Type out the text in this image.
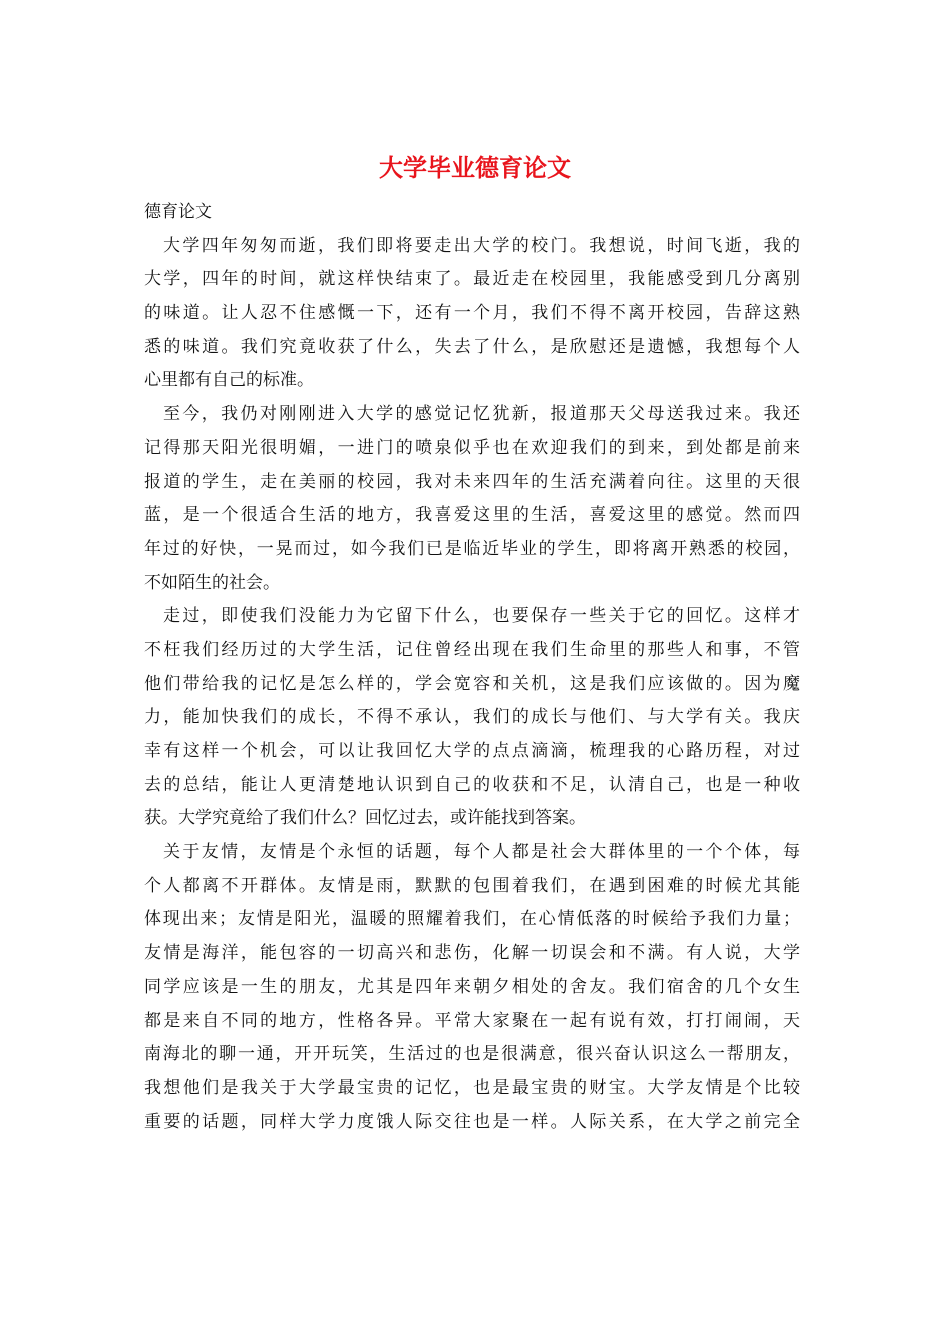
大学毕业德育论文
德育论文
大学四年匆匆而逝，我们即将要走出大学的校门。我想说，时间飞逝，我的
大学，四年的时间，就这样快结束了。最近走在校园里，我能感受到几分离别
的味道。让人忍不住感慨一下，还有一个月，我们不得不离开校园，告辞这熟
悉的味道。我们究竟收获了什么，失去了什么，是欣慰还是遗憾，我想每个人
心里都有自己的标准。
至今，我仍对刚刚进入大学的感觉记忆犹新，报道那天父母送我过来。我还
记得那天阳光很明媚，一进门的喷泉似乎也在欢迎我们的到来，到处都是前来
报道的学生，走在美丽的校园，我对未来四年的生活充满着向往。这里的天很
蓝，是一个很适合生活的地方，我喜爱这里的生活，喜爱这里的感觉。然而四
年过的好快，一晃而过，如今我们已是临近毕业的学生，即将离开熟悉的校园，
不如陌生的社会。
走过，即使我们没能力为它留下什么，也要保存一些关于它的回忆。这样才
不枉我们经历过的大学生活，记住曾经出现在我们生命里的那些人和事，不管
他们带给我的记忆是怎么样的，学会宽容和关机，这是我们应该做的。因为魔
力，能加快我们的成长，不得不承认，我们的成长与他们、与大学有关。我庆
幸有这样一个机会，可以让我回忆大学的点点滴滴，梳理我的心路历程，对过
去的总结，能让人更清楚地认识到自己的收获和不足，认清自己，也是一种收
获。大学究竟给了我们什么？回忆过去，或许能找到答案。
关于友情，友情是个永恒的话题，每个人都是社会大群体里的一个个体，每
个人都离不开群体。友情是雨，默默的包围着我们，在遇到困难的时候尤其能
体现出来；友情是阳光，温暖的照耀着我们，在心情低落的时候给予我们力量；
友情是海洋，能包容的一切高兴和悲伤，化解一切误会和不满。有人说，大学
同学应该是一生的朋友，尤其是四年来朝夕相处的舍友。我们宿舍的几个女生
都是来自不同的地方，性格各异。平常大家聚在一起有说有效，打打闹闹，天
南海北的聊一通，开开玩笑，生活过的也是很满意，很兴奋认识这么一帮朋友，
我想他们是我关于大学最宝贵的记忆，也是最宝贵的财宝。大学友情是个比较
重要的话题，同样大学力度饿人际交往也是一样。人际关系，在大学之前完全
